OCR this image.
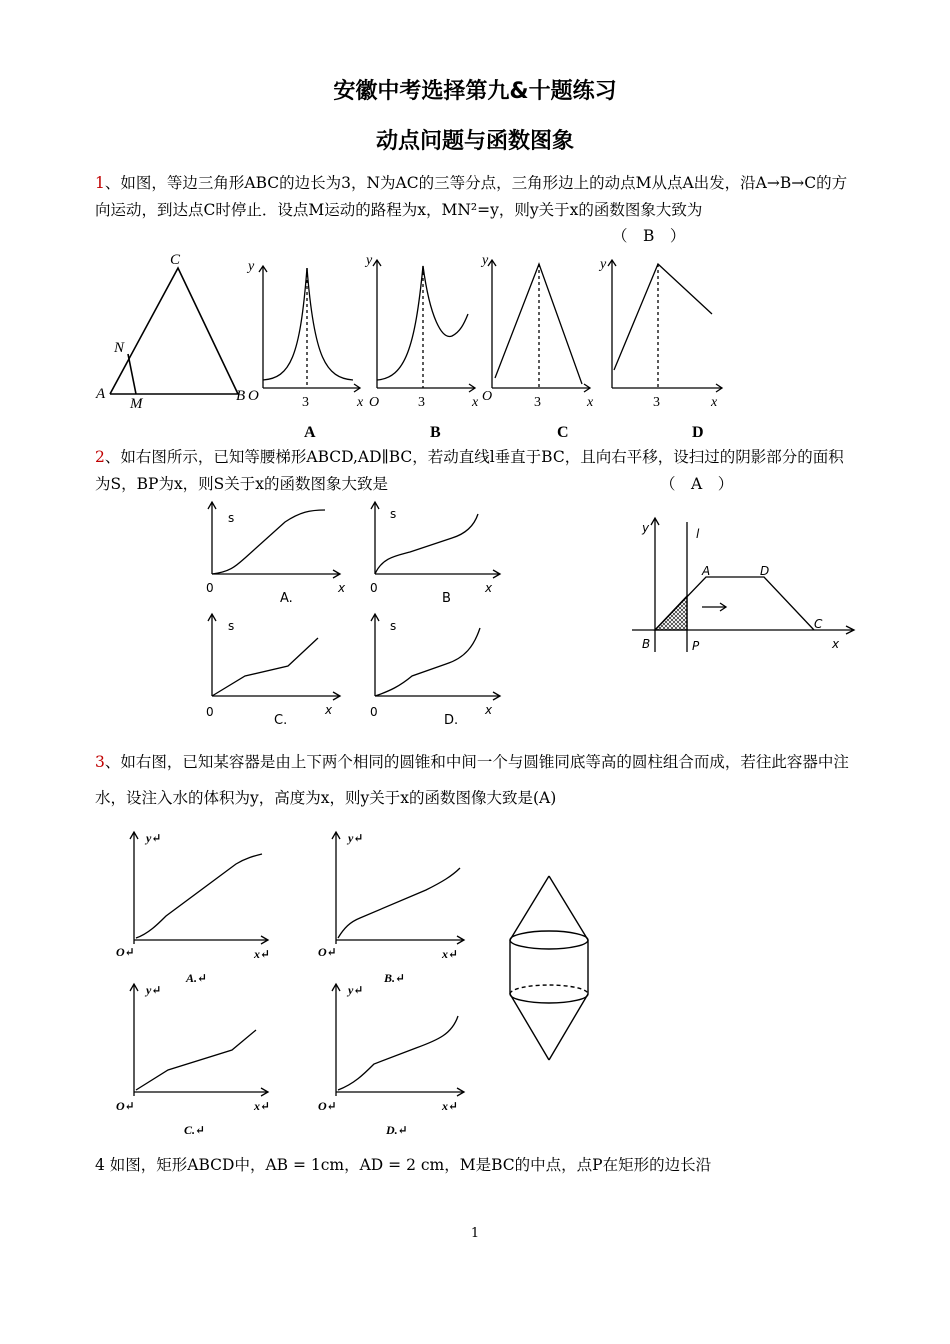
安徽中考选择第九&十题练习
动点问题与函数图象
1、如图，等边三角形ABC的边长为3，N为AC的三等分点，三角形边上的动点M从点A出发，沿A→B→C的方向运动，到达点C时停止．设点M运动的路程为x，MN²=y，则y关于x的函数图象大致为
（　B　）
C
N
A
M	B O
y
3	x
y
O	3	x
y
O	3	x
y
3	x
A	B	C	D
2、如右图所示，已知等腰梯形ABCD,AD∥BC，若动直线l垂直于BC，且向右平移，设扫过的阴影部分的面积为S，BP为x，则S关于x的函数图象大致是	（　A　）
s
0	x
A.
s
0	x
B
s
0	x
C.
s
0	x
D.
y	l
A	D
B	P
C
x
3、如右图，已知某容器是由上下两个相同的圆锥和中间一个与圆锥同底等高的圆柱组合而成，若往此容器中注水，设注入水的体积为y，高度为x，则y关于x的函数图像大致是(A)
y↵
O↵	x↵
A.↵
y↵
O↵	x↵
B.↵
y↵
O↵	x↵
C.↵
y↵
O↵	x↵
D.↵
4 如图，矩形ABCD中，AB = 1cm，AD = 2 cm，M是BC的中点，点P在矩形的边长沿
1
